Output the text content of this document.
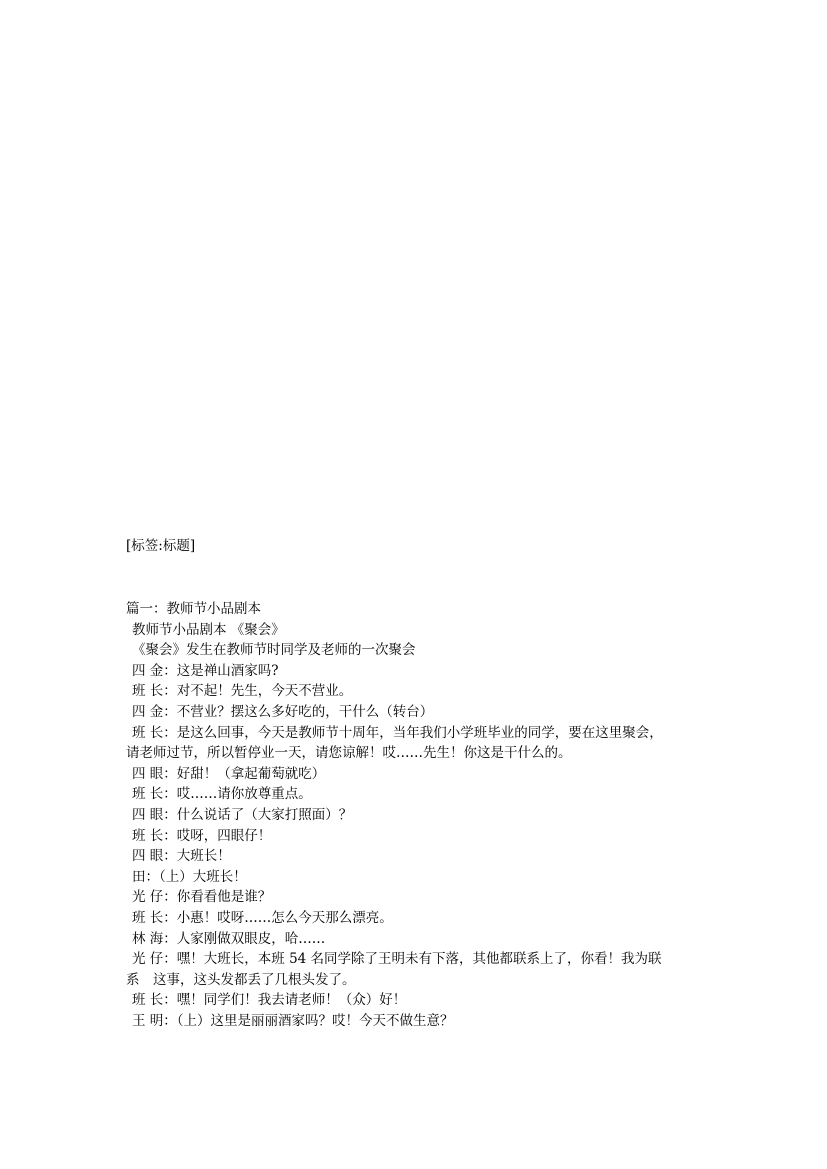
[标签:标题]
篇一：教师节小品剧本
教师节小品剧本 《聚会》
《聚会》发生在教师节时同学及老师的一次聚会
四 金：这是禅山酒家吗?
班 长：对不起！先生，今天不营业。
四 金：不营业？摆这么多好吃的，干什么（转台）
班 长：是这么回事，今天是教师节十周年，当年我们小学班毕业的同学，要在这里聚会，
请老师过节，所以暂停业一天，请您谅解！哎……先生！你这是干什么的。
四 眼：好甜！（拿起葡萄就吃）
班 长：哎……请你放尊重点。
四 眼：什么说话了（大家打照面）？
班 长：哎呀，四眼仔！
四 眼：大班长！
田：（上）大班长！
光 仔：你看看他是谁？
班 长：小惠！哎呀……怎么今天那么漂亮。
林 海：人家刚做双眼皮，哈……
光 仔：嘿！大班长，本班 54 名同学除了王明未有下落，其他都联系上了，你看！我为联
系　这事，这头发都丢了几根头发了。
班 长：嘿！同学们！我去请老师！（众）好！
王 明：（上）这里是丽丽酒家吗？哎！今天不做生意？
